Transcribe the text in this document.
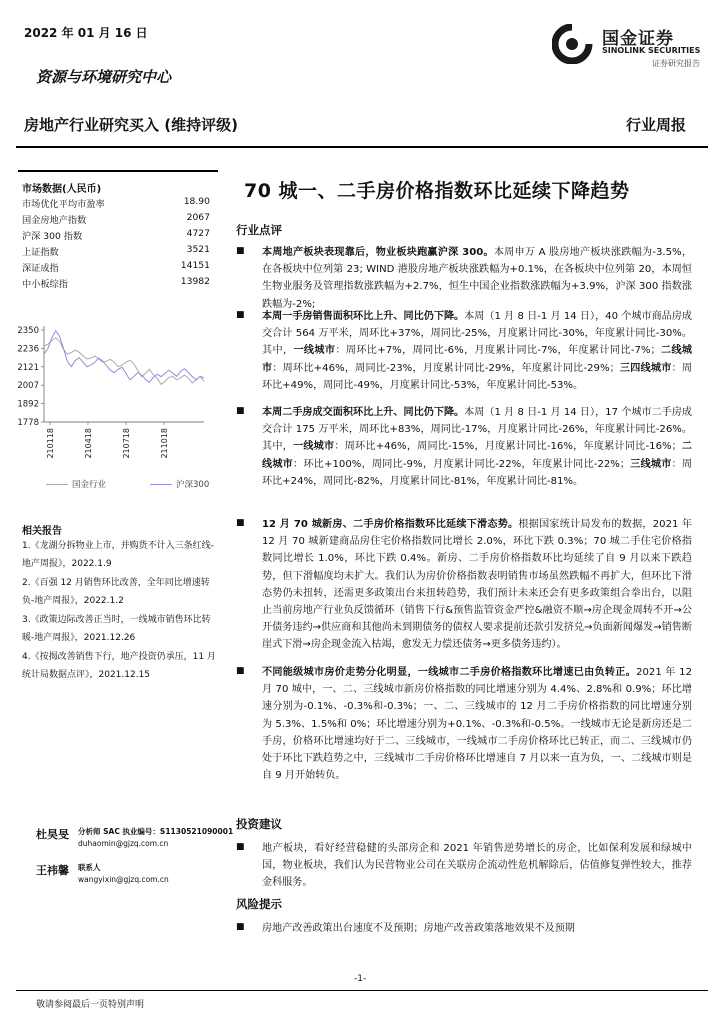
2022 年 01 月 16 日	国金证券
SINOLINK SECURITIES
证券研究报告
资源与环境研究中心
房地产行业研究买入 (维持评级)	行业周报
市场数据(人民币)
市场优化平均市盈率	18.90
国金房地产指数	2067
沪深 300 指数	4727
上证指数	3521
深证成指	14151
中小板综指	13982
2350
2236
2121
2007
1892
1778
210118	210418	210718	211018
国金行业	沪深300
相关报告
1.《龙湖分拆物业上市，并购货不计入三条红线-地产周报》，2022.1.9
2.《百强 12 月销售环比改善，全年同比增速转负-地产周报》，2022.1.2
3.《政策边际改善正当时，一线城市销售环比转暖-地产周报》，2021.12.26
4.《按揭改善销售下行，地产投资仍承压，11 月统计局数据点评》，2021.12.15
杜昊旻 分析师 SAC 执业编号：S1130521090001
duhaomin@gjzq.com.cn
王祎馨 联系人
wangyixin@gjzq.com.cn
70 城一、二手房价格指数环比延续下降趋势
行业点评
■ 本周地产板块表现靠后，物业板块跑赢沪深 300。本周申万 A 股房地产板块涨跌幅为-3.5%，在各板块中位列第 23; WIND 港股房地产板块涨跌幅为+0.1%，在各板块中位列第 20，本周恒生物业服务及管理指数涨跌幅为+2.7%，恒生中国企业指数涨跌幅为+3.9%，沪深 300 指数涨跌幅为-2%;
■ 本周一手房销售面积环比上升、同比仍下降。本周（1 月 8 日-1 月 14 日），40 个城市商品房成交合计 564 万平米，周环比+37%，周同比-25%，月度累计同比-30%，年度累计同比-30%。其中，一线城市：周环比+7%，周同比-6%，月度累计同比-7%，年度累计同比-7%；二线城市：周环比+46%，周同比-23%，月度累计同比-29%，年度累计同比-29%；三四线城市：周环比+49%，周同比-49%，月度累计同比-53%，年度累计同比-53%。
■ 本周二手房成交面积环比上升、同比仍下降。本周（1 月 8 日-1 月 14 日），17 个城市二手房成交合计 175 万平米，周环比+83%，周同比-17%，月度累计同比-26%，年度累计同比-26%。其中，一线城市：周环比+46%，周同比-15%，月度累计同比-16%，年度累计同比-16%；二线城市：环比+100%，周同比-9%，月度累计同比-22%，年度累计同比-22%；三线城市：周环比+24%，周同比-82%，月度累计同比-81%，年度累计同比-81%。
■ 12 月 70 城新房、二手房价格指数环比延续下滑态势。根据国家统计局发布的数据，2021 年 12 月 70 城新建商品房住宅价格指数同比增长 2.0%，环比下跌 0.3%；70 城二手住宅价格指数同比增长 1.0%，环比下跌 0.4%。新房、二手房价格指数环比均延续了自 9 月以来下跌趋势，但下滑幅度均未扩大。我们认为房价价格指数表明销售市场虽然跌幅不再扩大，但环比下滑态势仍未扭转，还需更多政策出台来扭转趋势，我们预计未来还会有更多政策组合拳出台，以阻止当前房地产行业负反馈循环（销售下行&预售监管资金严控&融资不顺→房企现金周转不开→公开债务违约→供应商和其他尚未到期债务的债权人要求提前还款引发挤兑→负面新闻爆发→销售断崖式下滑→房企现金流入枯竭，愈发无力偿还债务→更多债务违约）。
■ 不同能级城市房价走势分化明显，一线城市二手房价格指数环比增速已由负转正。2021 年 12 月 70 城中，一、二、三线城市新房价格指数的同比增速分别为 4.4%、2.8%和 0.9%；环比增速分别为-0.1%、-0.3%和-0.3%；一、二、三线城市的 12 月二手房价格指数的同比增速分别为 5.3%、1.5%和 0%；环比增速分别为+0.1%、-0.3%和-0.5%。一线城市无论是新房还是二手房，价格环比增速均好于二、三线城市，一线城市二手房价格环比已转正，而二、三线城市仍处于环比下跌趋势之中，三线城市二手房价格环比增速自 7 月以来一直为负，一、二线城市则是自 9 月开始转负。
投资建议
■ 地产板块，看好经营稳健的头部房企和 2021 年销售逆势增长的房企，比如保利发展和绿城中国，物业板块，我们认为民营物业公司在关联房企流动性危机解除后，估值修复弹性较大，推荐金科服务。
风险提示
■ 房地产改善政策出台速度不及预期；房地产改善政策落地效果不及预期
-1-
敬请参阅最后一页特别声明
